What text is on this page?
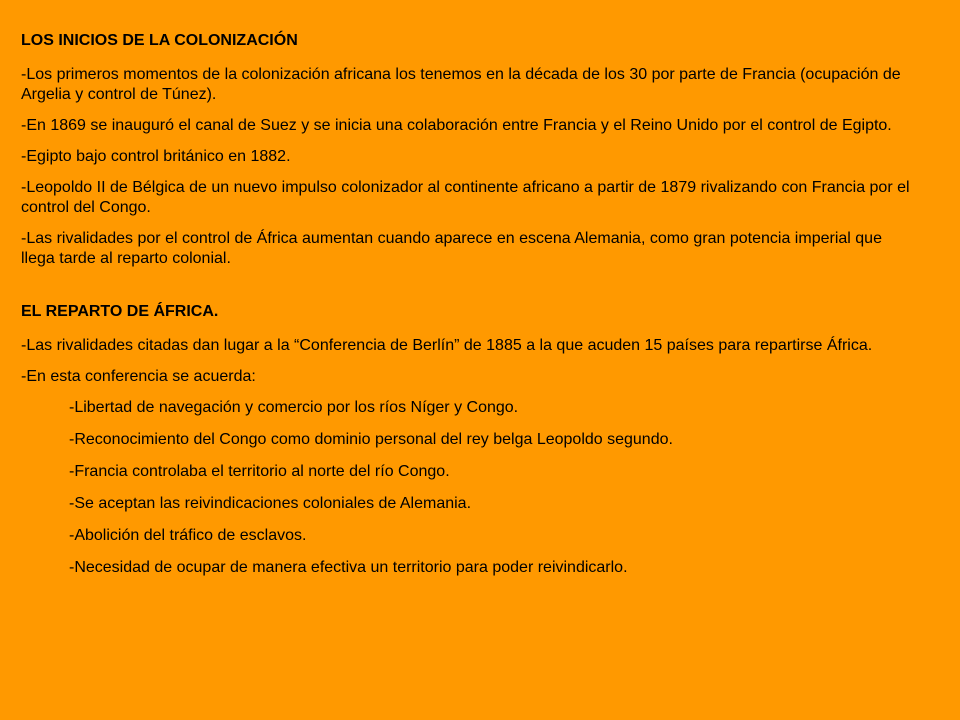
LOS INICIOS DE LA COLONIZACIÓN
-Los primeros momentos de la colonización africana los tenemos en la década de los 30 por parte de Francia (ocupación de Argelia y control de Túnez).
-En 1869 se inauguró el canal de Suez y se inicia una colaboración entre Francia y el Reino Unido por el control de Egipto.
-Egipto bajo control británico en 1882.
-Leopoldo II de Bélgica de un nuevo impulso colonizador al continente africano a partir de 1879 rivalizando con Francia por el control del Congo.
-Las rivalidades por el control de África aumentan cuando aparece en escena Alemania, como gran potencia imperial que llega tarde al reparto colonial.
EL REPARTO DE ÁFRICA.
-Las rivalidades citadas dan lugar a la “Conferencia de Berlín” de 1885 a la que acuden 15 países para repartirse África.
-En esta conferencia se acuerda:
-Libertad de navegación y comercio por los ríos Níger y Congo.
-Reconocimiento del Congo como dominio personal del rey belga Leopoldo segundo.
-Francia controlaba el territorio al norte del río Congo.
-Se aceptan las reivindicaciones coloniales de Alemania.
-Abolición del tráfico de esclavos.
-Necesidad de ocupar de manera efectiva un territorio para poder reivindicarlo.
